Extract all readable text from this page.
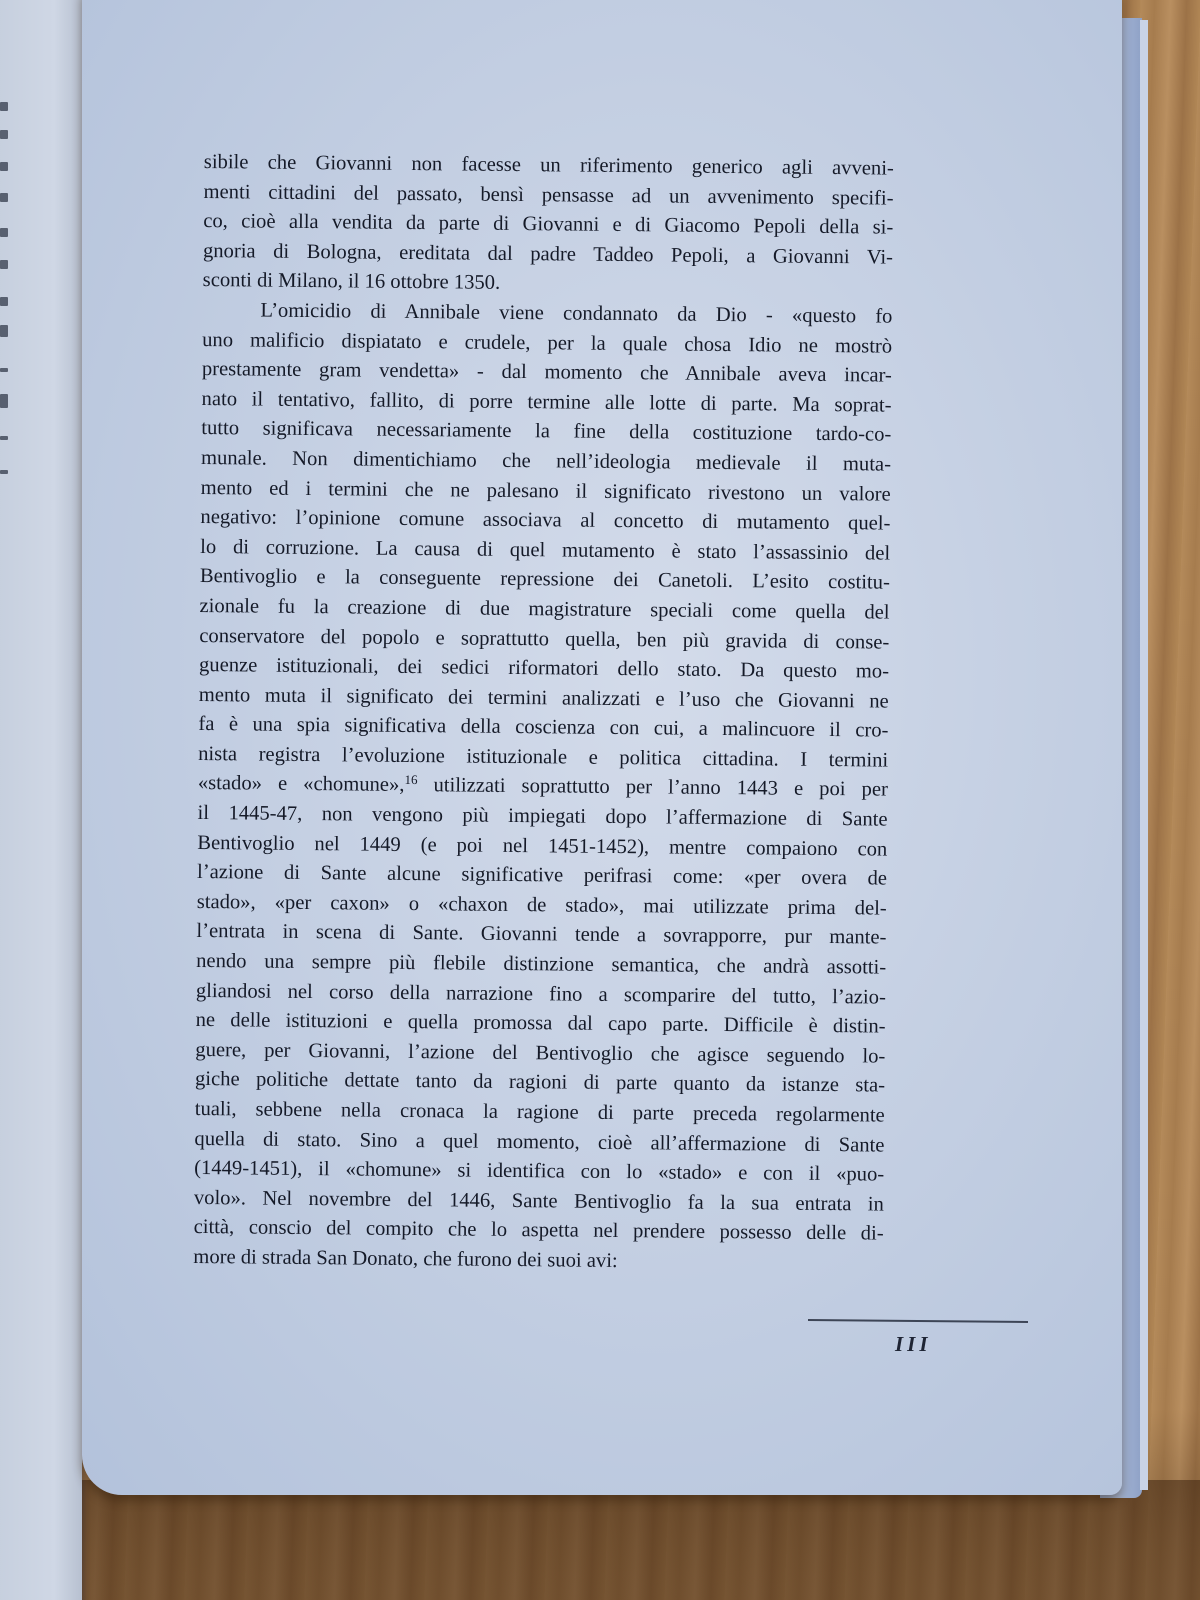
sibile che Giovanni non facesse un riferimento generico agli avveni-
menti cittadini del passato, bensì pensasse ad un avvenimento specifi-
co, cioè alla vendita da parte di Giovanni e di Giacomo Pepoli della si-
gnoria di Bologna, ereditata dal padre Taddeo Pepoli, a Giovanni Vi-
sconti di Milano, il 16 ottobre 1350.
L’omicidio di Annibale viene condannato da Dio - «questo fo
uno malificio dispiatato e crudele, per la quale chosa Idio ne mostrò
prestamente gram vendetta» - dal momento che Annibale aveva incar-
nato il tentativo, fallito, di porre termine alle lotte di parte. Ma soprat-
tutto significava necessariamente la fine della costituzione tardo-co-
munale. Non dimentichiamo che nell’ideologia medievale il muta-
mento ed i termini che ne palesano il significato rivestono un valore
negativo: l’opinione comune associava al concetto di mutamento quel-
lo di corruzione. La causa di quel mutamento è stato l’assassinio del
Bentivoglio e la conseguente repressione dei Canetoli. L’esito costitu-
zionale fu la creazione di due magistrature speciali come quella del
conservatore del popolo e soprattutto quella, ben più gravida di conse-
guenze istituzionali, dei sedici riformatori dello stato. Da questo mo-
mento muta il significato dei termini analizzati e l’uso che Giovanni ne
fa è una spia significativa della coscienza con cui, a malincuore il cro-
nista registra l’evoluzione istituzionale e politica cittadina. I termini
«stado» e «chomune»,$^{16}$ utilizzati soprattutto per l’anno 1443 e poi per
il 1445-47, non vengono più impiegati dopo l’affermazione di Sante
Bentivoglio nel 1449 (e poi nel 1451-1452), mentre compaiono con
l’azione di Sante alcune significative perifrasi come: «per overa de
stado», «per caxon» o «chaxon de stado», mai utilizzate prima del-
l’entrata in scena di Sante. Giovanni tende a sovrapporre, pur mante-
nendo una sempre più flebile distinzione semantica, che andrà assotti-
gliandosi nel corso della narrazione fino a scomparire del tutto, l’azio-
ne delle istituzioni e quella promossa dal capo parte. Difficile è distin-
guere, per Giovanni, l’azione del Bentivoglio che agisce seguendo lo-
giche politiche dettate tanto da ragioni di parte quanto da istanze sta-
tuali, sebbene nella cronaca la ragione di parte preceda regolarmente
quella di stato. Sino a quel momento, cioè all’affermazione di Sante
(1449-1451), il «chomune» si identifica con lo «stado» e con il «puo-
volo». Nel novembre del 1446, Sante Bentivoglio fa la sua entrata in
città, conscio del compito che lo aspetta nel prendere possesso delle di-
more di strada San Donato, che furono dei suoi avi:
III
